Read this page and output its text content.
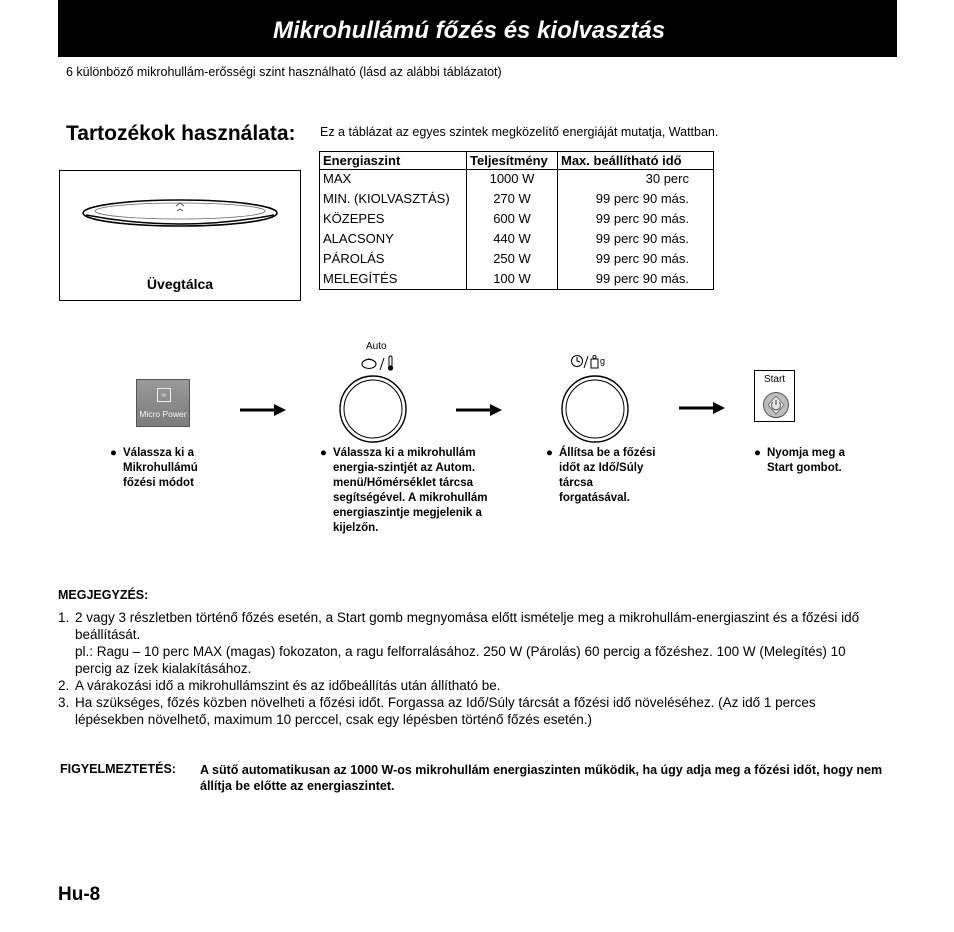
Mikrohullámú főzés és kiolvasztás
6 különböző mikrohullám-erősségi szint használható (lásd az alábbi táblázatot)
Tartozékok használata:
Üvegtálca
Ez a táblázat az egyes szintek megközelítő energiáját mutatja, Wattban.
Energiaszint	Teljesítmény	Max. beállítható idő
MAX	1000 W	30 perc
MIN. (KIOLVASZTÁS)	270 W	99 perc 90 más.
KÖZEPES	600 W	99 perc 90 más.
ALACSONY	440 W	99 perc 90 más.
PÁROLÁS	250 W	99 perc 90 más.
MELEGÍTÉS	100 W	99 perc 90 más.
≈
Micro Power
Auto
g
Start
● Válassza ki a Mikrohullámú főzési módot
● Válassza ki a mikrohullám energia-szintjét az Autom. menü/Hőmérséklet tárcsa segítségével. A mikrohullám energiaszintje megjelenik a kijelzőn.
● Állítsa be a főzési időt az Idő/Súly tárcsa forgatásával.
● Nyomja meg a Start gombot.
MEGJEGYZÉS:
1. 2 vagy 3 részletben történő főzés esetén, a Start gomb megnyomása előtt ismételje meg a mikrohullám-energiaszint és a főzési idő beállítását.
pl.: Ragu – 10 perc MAX (magas) fokozaton, a ragu felforralásához. 250 W (Párolás) 60 percig a főzéshez. 100 W (Melegítés) 10 percig az ízek kialakításához.
2. A várakozási idő a mikrohullámszint és az időbeállítás után állítható be.
3. Ha szükséges, főzés közben növelheti a főzési időt. Forgassa az Idő/Súly tárcsát a főzési idő növeléséhez. (Az idő 1 perces lépésekben növelhető, maximum 10 perccel, csak egy lépésben történő főzés esetén.)
FIGYELMEZTETÉS: A sütő automatikusan az 1000 W-os mikrohullám energiaszinten működik, ha úgy adja meg a főzési időt, hogy nem állítja be előtte az energiaszintet.
Hu-8
